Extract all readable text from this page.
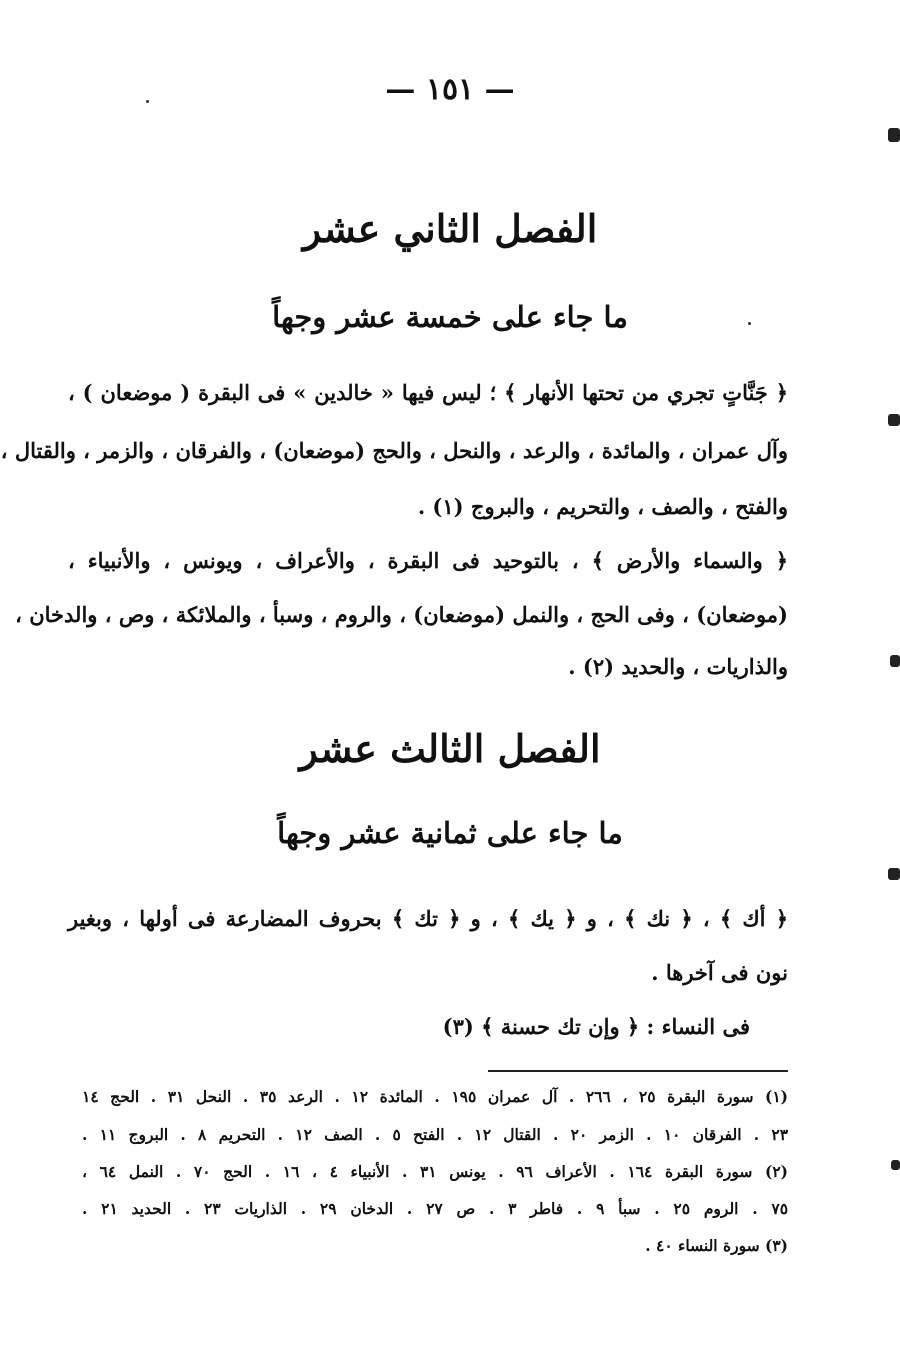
— ١٥١ —
الفصل الثاني عشر
ما جاء على خمسة عشر وجهاً
﴿ جَنَّاتٍ تجري من تحتها الأنهار ﴾ ؛ ليس فيها « خالدين » فى البقرة ( موضعان ) ،
وآل عمران ، والمائدة ، والرعد ، والنحل ، والحج (موضعان) ، والفرقان ، والزمر ، والقتال ،
والفتح ، والصف ، والتحريم ، والبروج (١) .
﴿ والسماء والأرض ﴾ ، بالتوحيد فى البقرة ، والأعراف ، ويونس ، والأنبياء ،
(موضعان) ، وفى الحج ، والنمل (موضعان) ، والروم ، وسبأ ، والملائكة ، وص ، والدخان ،
والذاريات ، والحديد (٢) .
الفصل الثالث عشر
ما جاء على ثمانية عشر وجهاً
﴿ أك ﴾ ، ﴿ نك ﴾ ، و ﴿ يك ﴾ ، و ﴿ تك ﴾ بحروف المضارعة فى أولها ، وبغير
نون فى آخرها .
فى النساء : ﴿ وإن تك حسنة ﴾ (٣)
(١) سورة البقرة ٢٥ ، ٢٦٦ . آل عمران ١٩٥ . المائدة ١٢ . الرعد ٣٥ . النحل ٣١ . الحج ١٤
٢٣ . الفرقان ١٠ . الزمر ٢٠ . القتال ١٢ . الفتح ٥ . الصف ١٢ . التحريم ٨ . البروج ١١ .
(٢) سورة البقرة ١٦٤ . الأعراف ٩٦ . يونس ٣١ . الأنبياء ٤ ، ١٦ . الحج ٧٠ . النمل ٦٤ ،
٧٥ . الروم ٢٥ . سبأ ٩ . فاطر ٣ . ص ٢٧ . الدخان ٢٩ . الذاريات ٢٣ . الحديد ٢١ .
(٣) سورة النساء ٤٠ .
